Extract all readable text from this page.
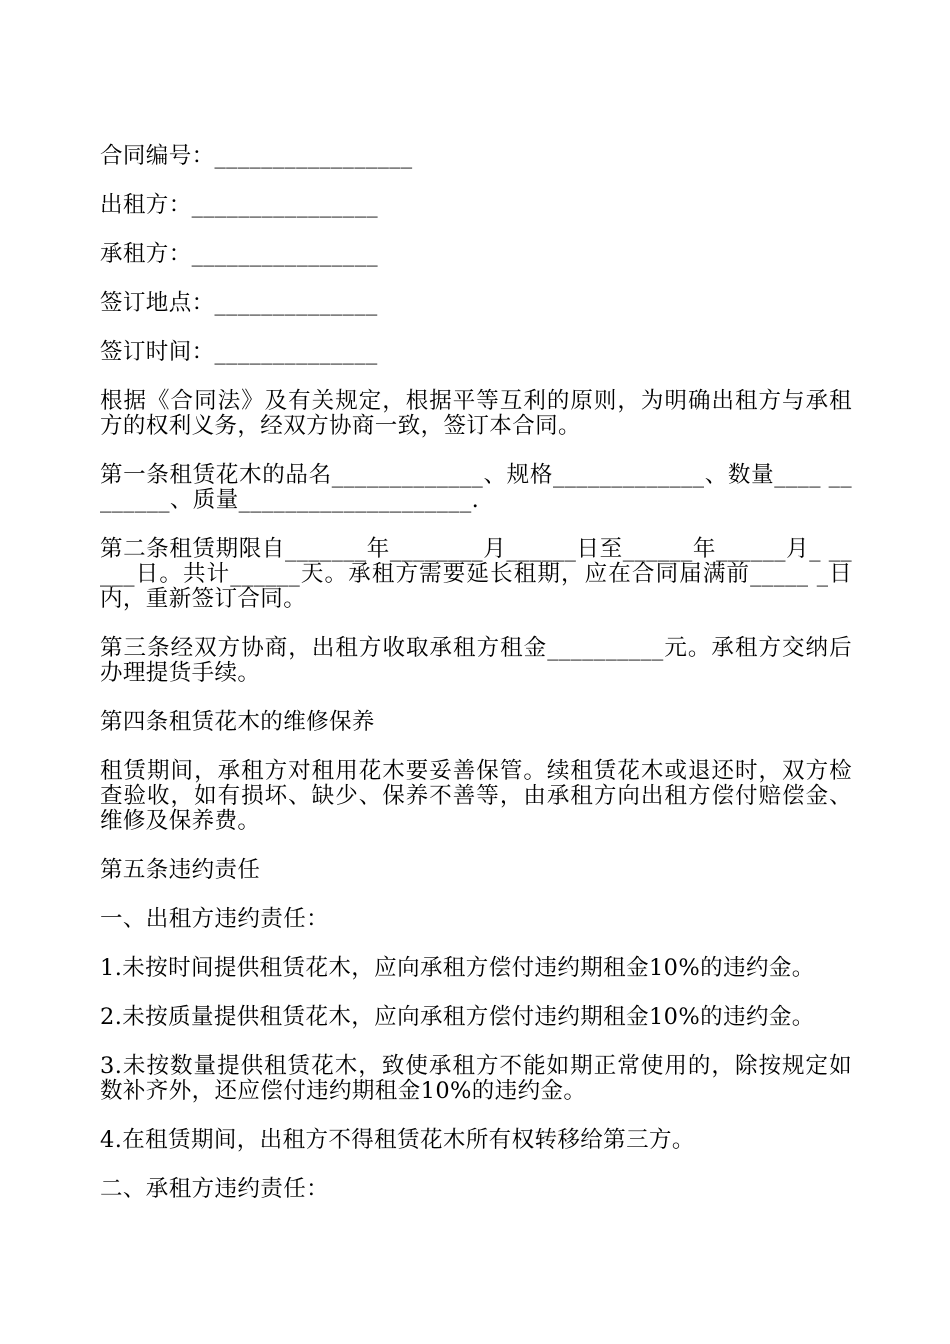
合同编号：_________________
出租方：________________
承租方：________________
签订地点：______________
签订时间：______________

根据《合同法》及有关规定，根据平等互利的原则，为明确出租方与承租方的权利义务，经双方协商一致，签订本合同。

第一条租赁花木的品名_____________、规格_____________、数量____ ________、质量____________________.

第二条租赁期限自_______年________月______日至______年______月_ _____日。共计______天。承租方需要延长租期，应在合同届满前_____ _日内，重新签订合同。

第三条经双方协商，出租方收取承租方租金__________元。承租方交纳后办理提货手续。

第四条租赁花木的维修保养

租赁期间，承租方对租用花木要妥善保管。续租赁花木或退还时，双方检查验收，如有损坏、缺少、保养不善等，由承租方向出租方偿付赔偿金、维修及保养费。

第五条违约责任

一、出租方违约责任：

1.未按时间提供租赁花木，应向承租方偿付违约期租金10%的违约金。

2.未按质量提供租赁花木，应向承租方偿付违约期租金10%的违约金。

3.未按数量提供租赁花木，致使承租方不能如期正常使用的，除按规定如数补齐外，还应偿付违约期租金10%的违约金。

4.在租赁期间，出租方不得租赁花木所有权转移给第三方。

二、承租方违约责任：
